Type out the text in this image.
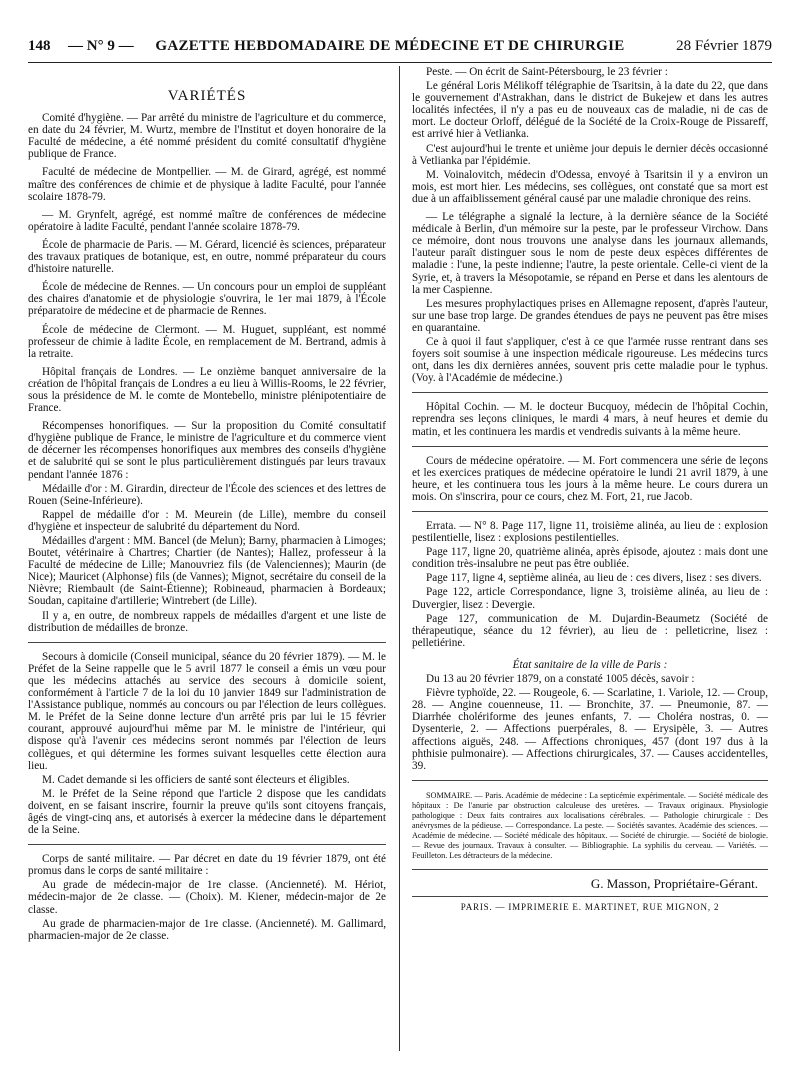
148	— N° 9 —	GAZETTE HEBDOMADAIRE DE MÉDECINE ET DE CHIRURGIE	28 Février 1879
VARIÉTÉS

Comité d'hygiène. — Par arrêté du ministre de l'agriculture et du commerce, en date du 24 février, M. Wurtz, membre de l'Institut et doyen honoraire de la Faculté de médecine, a été nommé président du comité consultatif d'hygiène publique de France.

Faculté de médecine de Montpellier. — M. de Girard, agrégé, est nommé maître des conférences de chimie et de physique à ladite Faculté, pour l'année scolaire 1878-79.

— M. Grynfelt, agrégé, est nommé maître de conférences de médecine opératoire à ladite Faculté, pendant l'année scolaire 1878-79.

École de pharmacie de Paris. — M. Gérard, licencié ès sciences, préparateur des travaux pratiques de botanique, est, en outre, nommé préparateur du cours d'histoire naturelle.

École de médecine de Rennes. — Un concours pour un emploi de suppléant des chaires d'anatomie et de physiologie s'ouvrira, le 1er mai 1879, à l'École préparatoire de médecine et de pharmacie de Rennes.

École de médecine de Clermont. — M. Huguet, suppléant, est nommé professeur de chimie à ladite École, en remplacement de M. Bertrand, admis à la retraite.

Hôpital français de Londres. — Le onzième banquet anniversaire de la création de l'hôpital français de Londres a eu lieu à Willis-Rooms, le 22 février, sous la présidence de M. le comte de Montebello, ministre plénipotentiaire de France.

Récompenses honorifiques. — Sur la proposition du Comité consultatif d'hygiène publique de France, le ministre de l'agriculture et du commerce vient de décerner les récompenses honorifiques aux membres des conseils d'hygiène et de salubrité qui se sont le plus particulièrement distingués par leurs travaux pendant l'année 1876 :

Médaille d'or : M. Girardin, directeur de l'École des sciences et des lettres de Rouen (Seine-Inférieure).

Rappel de médaille d'or : M. Meurein (de Lille), membre du conseil d'hygiène et inspecteur de salubrité du département du Nord.

Médailles d'argent : MM. Bancel (de Melun); Barny, pharmacien à Limoges; Boutet, vétérinaire à Chartres; Chartier (de Nantes); Hallez, professeur à la Faculté de médecine de Lille; Manouvriez fils (de Valenciennes); Maurin (de Nice); Mauricet (Alphonse) fils (de Vannes); Mignot, secrétaire du conseil de la Nièvre; Riembault (de Saint-Étienne); Robineaud, pharmacien à Bordeaux; Soudan, capitaine d'artillerie; Wintrebert (de Lille).

Il y a, en outre, de nombreux rappels de médailles d'argent et une liste de distribution de médailles de bronze.

Secours à domicile (Conseil municipal, séance du 20 février 1879). — M. le Préfet de la Seine rappelle que le 5 avril 1877 le conseil a émis un vœu pour que les médecins attachés au service des secours à domicile soient, conformément à l'article 7 de la loi du 10 janvier 1849 sur l'administration de l'Assistance publique, nommés au concours ou par l'élection de leurs collègues. M. le Préfet de la Seine donne lecture d'un arrêté pris par lui le 15 février courant, approuvé aujourd'hui même par M. le ministre de l'intérieur, qui dispose qu'à l'avenir ces médecins seront nommés par l'élection de leurs collègues, et qui détermine les formes suivant lesquelles cette élection aura lieu.

M. Cadet demande si les officiers de santé sont électeurs et éligibles.

M. le Préfet de la Seine répond que l'article 2 dispose que les candidats doivent, en se faisant inscrire, fournir la preuve qu'ils sont citoyens français, âgés de vingt-cinq ans, et autorisés à exercer la médecine dans le département de la Seine.

Corps de santé militaire. — Par décret en date du 19 février 1879, ont été promus dans le corps de santé militaire :

Au grade de médecin-major de 1re classe. (Ancienneté). M. Hériot, médecin-major de 2e classe. — (Choix). M. Kiener, médecin-major de 2e classe.

Au grade de pharmacien-major de 1re classe. (Ancienneté). M. Gallimard, pharmacien-major de 2e classe.

Peste. — On écrit de Saint-Pétersbourg, le 23 février :

Le général Loris Mélikoff télégraphie de Tsaritsin, à la date du 22, que dans le gouvernement d'Astrakhan, dans le district de Bukejew et dans les autres localités infectées, il n'y a pas eu de nouveaux cas de maladie, ni de cas de mort. Le docteur Orloff, délégué de la Société de la Croix-Rouge de Pissareff, est arrivé hier à Vetlianka.

C'est aujourd'hui le trente et unième jour depuis le dernier décès occasionné à Vetlianka par l'épidémie.

M. Voinalovitch, médecin d'Odessa, envoyé à Tsaritsin il y a environ un mois, est mort hier. Les médecins, ses collègues, ont constaté que sa mort est due à un affaiblissement général causé par une maladie chronique des reins.

— Le télégraphe a signalé la lecture, à la dernière séance de la Société médicale à Berlin, d'un mémoire sur la peste, par le professeur Virchow. Dans ce mémoire, dont nous trouvons une analyse dans les journaux allemands, l'auteur paraît distinguer sous le nom de peste deux espèces différentes de maladie : l'une, la peste indienne; l'autre, la peste orientale. Celle-ci vient de la Syrie, et, à travers la Mésopotamie, se répand en Perse et dans les alentours de la mer Caspienne.

Les mesures prophylactiques prises en Allemagne reposent, d'après l'auteur, sur une base trop large. De grandes étendues de pays ne peuvent pas être mises en quarantaine.

Ce à quoi il faut s'appliquer, c'est à ce que l'armée russe rentrant dans ses foyers soit soumise à une inspection médicale rigoureuse. Les médecins turcs ont, dans les dix dernières années, souvent pris cette maladie pour le typhus. (Voy. à l'Académie de médecine.)

Hôpital Cochin. — M. le docteur Bucquoy, médecin de l'hôpital Cochin, reprendra ses leçons cliniques, le mardi 4 mars, à neuf heures et demie du matin, et les continuera les mardis et vendredis suivants à la même heure.

Cours de médecine opératoire. — M. Fort commencera une série de leçons et les exercices pratiques de médecine opératoire le lundi 21 avril 1879, à une heure, et les continuera tous les jours à la même heure. Le cours durera un mois. On s'inscrira, pour ce cours, chez M. Fort, 21, rue Jacob.

Errata. — N° 8. Page 117, ligne 11, troisième alinéa, au lieu de : explosion pestilentielle, lisez : explosions pestilentielles.

Page 117, ligne 20, quatrième alinéa, après épisode, ajoutez : mais dont une condition très-insalubre ne peut pas être oubliée.

Page 117, ligne 4, septième alinéa, au lieu de : ces divers, lisez : ses divers.

Page 122, article Correspondance, ligne 3, troisième alinéa, au lieu de : Duvergier, lisez : Devergie.

Page 127, communication de M. Dujardin-Beaumetz (Société de thérapeutique, séance du 12 février), au lieu de : pelleticrine, lisez : pelletiérine.

État sanitaire de la ville de Paris :

Du 13 au 20 février 1879, on a constaté 1005 décès, savoir :

Fièvre typhoïde, 22. — Rougeole, 6. — Scarlatine, 1. Variole, 12. — Croup, 28. — Angine couenneuse, 11. — Bronchite, 37. — Pneumonie, 87. — Diarrhée cholériforme des jeunes enfants, 7. — Choléra nostras, 0. — Dysenterie, 2. — Affections puerpérales, 8. — Erysipèle, 3. — Autres affections aiguës, 248. — Affections chroniques, 457 (dont 197 dus à la phthisie pulmonaire). — Affections chirurgicales, 37. — Causes accidentelles, 39.

SOMMAIRE. — Paris. Académie de médecine : La septicémie expérimentale. — Société médicale des hôpitaux : De l'anurie par obstruction calculeuse des uretères. — Travaux originaux. Physiologie pathologique : Deux faits contraires aux localisations cérébrales. — Pathologie chirurgicale : Des anévrysmes de la pédieuse. — Correspondance. La peste. — Sociétés savantes. Académie des sciences. — Académie de médecine. — Société médicale des hôpitaux. — Société de chirurgie. — Société de biologie. — Revue des journaux. Travaux à consulter. — Bibliographie. La syphilis du cerveau. — Variétés. — Feuilleton. Les détracteurs de la médecine.
G. Masson, Propriétaire-Gérant.
PARIS. — IMPRIMERIE E. MARTINET, RUE MIGNON, 2
